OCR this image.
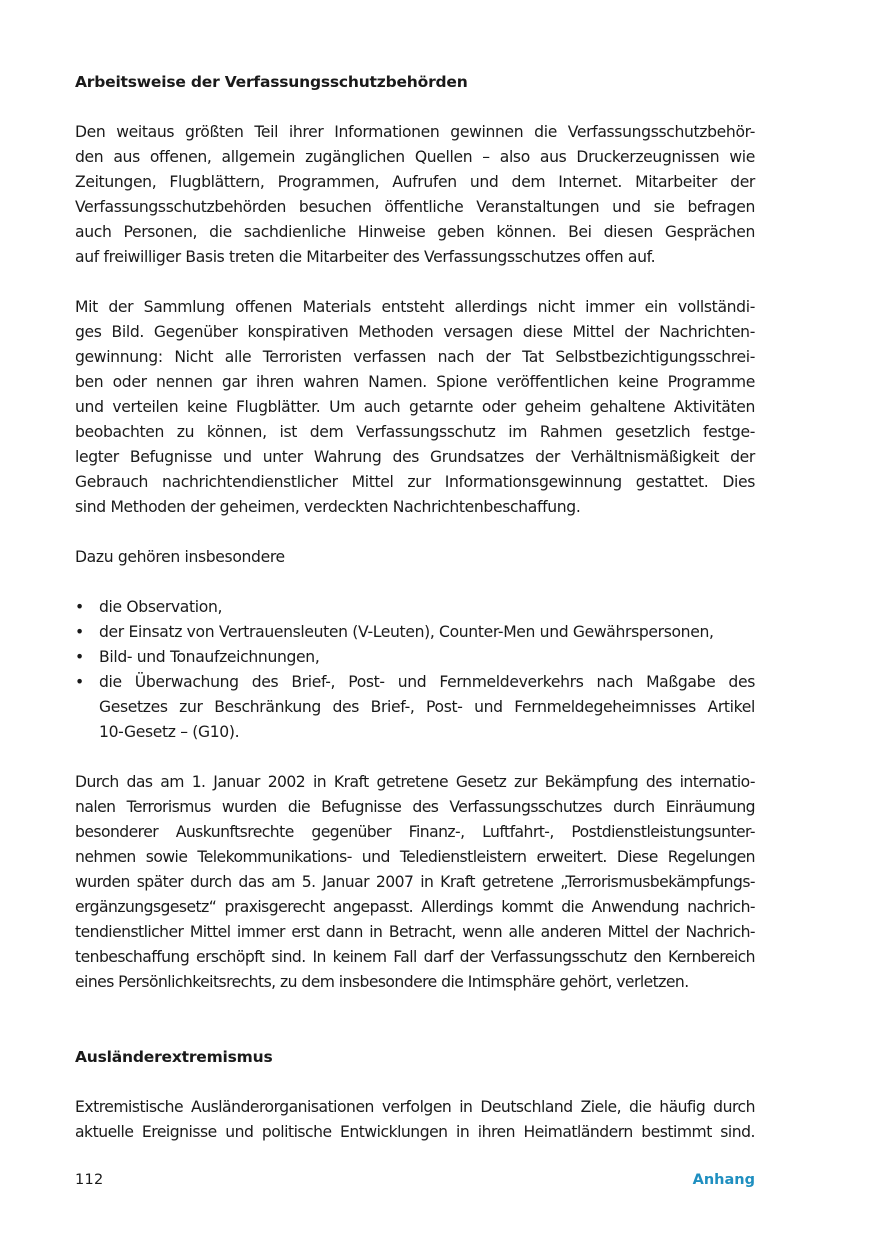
Arbeitsweise der Verfassungsschutzbehörden

Den weitaus größten Teil ihrer Informationen gewinnen die Verfassungsschutzbehör-
den aus offenen, allgemein zugänglichen Quellen – also aus Druckerzeugnissen wie
Zeitungen, Flugblättern, Programmen, Aufrufen und dem Internet. Mitarbeiter der
Verfassungsschutzbehörden besuchen öffentliche Veranstaltungen und sie befragen
auch Personen, die sachdienliche Hinweise geben können. Bei diesen Gesprächen
auf freiwilliger Basis treten die Mitarbeiter des Verfassungsschutzes offen auf.

Mit der Sammlung offenen Materials entsteht allerdings nicht immer ein vollständi-
ges Bild. Gegenüber konspirativen Methoden versagen diese Mittel der Nachrichten-
gewinnung: Nicht alle Terroristen verfassen nach der Tat Selbstbezichtigungsschrei-
ben oder nennen gar ihren wahren Namen. Spione veröffentlichen keine Programme
und verteilen keine Flugblätter. Um auch getarnte oder geheim gehaltene Aktivitäten
beobachten zu können, ist dem Verfassungsschutz im Rahmen gesetzlich festge-
legter Befugnisse und unter Wahrung des Grundsatzes der Verhältnismäßigkeit der
Gebrauch nachrichtendienstlicher Mittel zur Informationsgewinnung gestattet. Dies
sind Methoden der geheimen, verdeckten Nachrichtenbeschaffung.

Dazu gehören insbesondere

• die Observation,
• der Einsatz von Vertrauensleuten (V-Leuten), Counter-Men und Gewährspersonen,
• Bild- und Tonaufzeichnungen,
• die Überwachung des Brief-, Post- und Fernmeldeverkehrs nach Maßgabe des
Gesetzes zur Beschränkung des Brief-, Post- und Fernmeldegeheimnisses Artikel
10-Gesetz – (G10).

Durch das am 1. Januar 2002 in Kraft getretene Gesetz zur Bekämpfung des internatio-
nalen Terrorismus wurden die Befugnisse des Verfassungsschutzes durch Einräumung
besonderer Auskunftsrechte gegenüber Finanz-, Luftfahrt-, Postdienstleistungsunter-
nehmen sowie Telekommunikations- und Teledienstleistern erweitert. Diese Regelungen
wurden später durch das am 5. Januar 2007 in Kraft getretene „Terrorismusbekämpfungs-
ergänzungsgesetz“ praxisgerecht angepasst. Allerdings kommt die Anwendung nachrich-
tendienstlicher Mittel immer erst dann in Betracht, wenn alle anderen Mittel der Nachrich-
tenbeschaffung erschöpft sind. In keinem Fall darf der Verfassungsschutz den Kernbereich
eines Persönlichkeitsrechts, zu dem insbesondere die Intimsphäre gehört, verletzen.

Ausländerextremismus

Extremistische Ausländerorganisationen verfolgen in Deutschland Ziele, die häufig durch
aktuelle Ereignisse und politische Entwicklungen in ihren Heimatländern bestimmt sind.

112	Anhang
